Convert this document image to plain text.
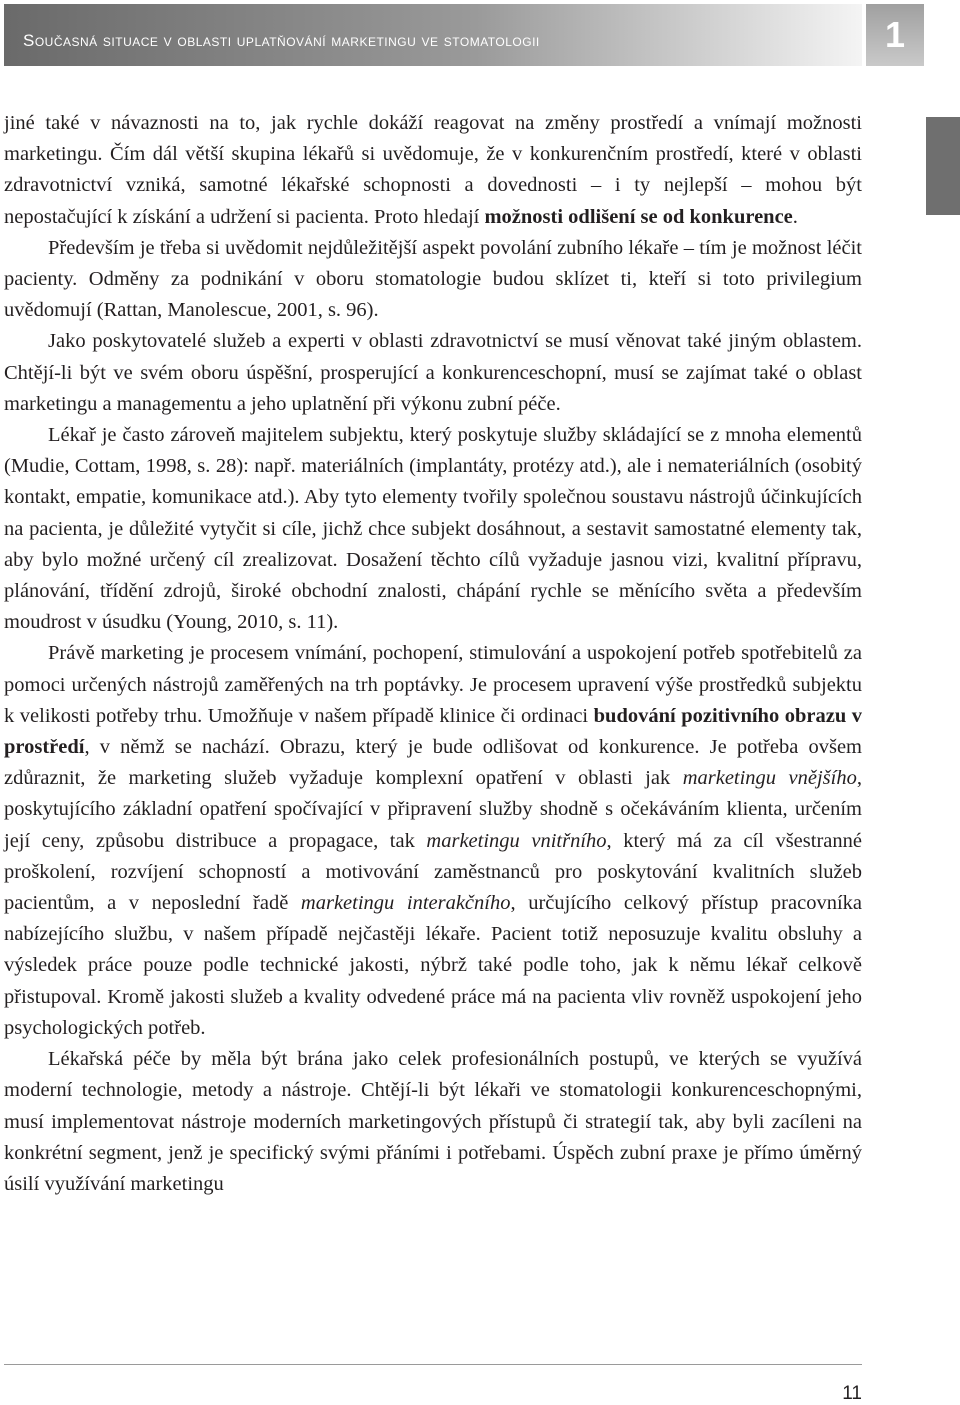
Současná situace v oblasti uplatňování marketingu ve stomatologii	1

jiné také v návaznosti na to, jak rychle dokáží reagovat na změny prostředí a vnímají možnosti marketingu. Čím dál větší skupina lékařů si uvědomuje, že v konkurenčním prostředí, které v oblasti zdravotnictví vzniká, samotné lékařské schopnosti a dovednosti – i ty nejlepší – mohou být nepostačující k získání a udržení si pacienta. Proto hledají možnosti odlišení se od konkurence.

Především je třeba si uvědomit nejdůležitější aspekt povolání zubního lékaře – tím je možnost léčit pacienty. Odměny za podnikání v oboru stomatologie budou sklízet ti, kteří si toto privilegium uvědomují (Rattan, Manolescue, 2001, s. 96).

Jako poskytovatelé služeb a experti v oblasti zdravotnictví se musí věnovat také jiným oblastem. Chtějí-li být ve svém oboru úspěšní, prosperující a konkurenceschopní, musí se zajímat také o oblast marketingu a managementu a jeho uplatnění při výkonu zubní péče.

Lékař je často zároveň majitelem subjektu, který poskytuje služby skládající se z mnoha elementů (Mudie, Cottam, 1998, s. 28): např. materiálních (implantáty, protézy atd.), ale i nemateriálních (osobitý kontakt, empatie, komunikace atd.). Aby tyto elementy tvořily společnou soustavu nástrojů účinkujících na pacienta, je důležité vytyčit si cíle, jichž chce subjekt dosáhnout, a sestavit samostatné elementy tak, aby bylo možné určený cíl zrealizovat. Dosažení těchto cílů vyžaduje jasnou vizi, kvalitní přípravu, plánování, třídění zdrojů, široké obchodní znalosti, chápání rychle se měnícího světa a především moudrost v úsudku (Young, 2010, s. 11).

Právě marketing je procesem vnímání, pochopení, stimulování a uspokojení potřeb spotřebitelů za pomoci určených nástrojů zaměřených na trh poptávky. Je procesem upravení výše prostředků subjektu k velikosti potřeby trhu. Umožňuje v našem případě klinice či ordinaci budování pozitivního obrazu v prostředí, v němž se nachází. Obrazu, který je bude odlišovat od konkurence. Je potřeba ovšem zdůraznit, že marketing služeb vyžaduje komplexní opatření v oblasti jak marketingu vnějšího, poskytujícího základní opatření spočívající v připravení služby shodně s očekáváním klienta, určením její ceny, způsobu distribuce a propagace, tak marketingu vnitřního, který má za cíl všestranné proškolení, rozvíjení schopností a motivování zaměstnanců pro poskytování kvalitních služeb pacientům, a v neposlední řadě marketingu interakčního, určujícího celkový přístup pracovníka nabízejícího službu, v našem případě nejčastěji lékaře. Pacient totiž neposuzuje kvalitu obsluhy a výsledek práce pouze podle technické jakosti, nýbrž také podle toho, jak k němu lékař celkově přistupoval. Kromě jakosti služeb a kvality odvedené práce má na pacienta vliv rovněž uspokojení jeho psychologických potřeb.

Lékařská péče by měla být brána jako celek profesionálních postupů, ve kterých se využívá moderní technologie, metody a nástroje. Chtějí-li být lékaři ve stomatologii konkurenceschopnými, musí implementovat nástroje moderních marketingových přístupů či strategií tak, aby byli zacíleni na konkrétní segment, jenž je specifický svými přáními i potřebami. Úspěch zubní praxe je přímo úměrný úsilí využívání marketingu

11
